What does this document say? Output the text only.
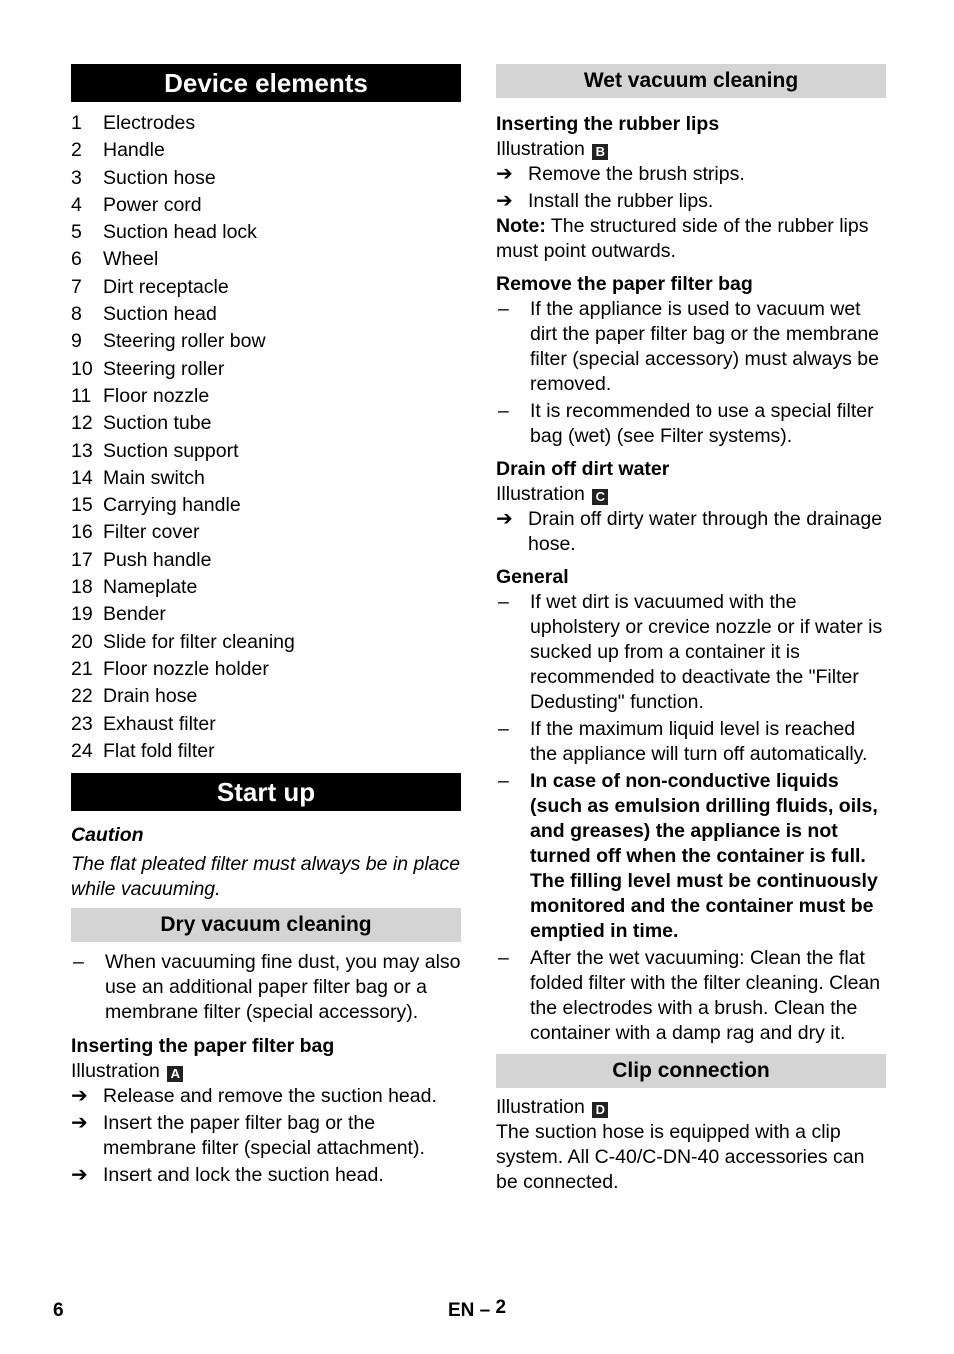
Device elements
1	Electrodes
2	Handle
3	Suction hose
4	Power cord
5	Suction head lock
6	Wheel
7	Dirt receptacle
8	Suction head
9	Steering roller bow
10 Steering roller
11 Floor nozzle
12 Suction tube
13 Suction support
14 Main switch
15 Carrying handle
16 Filter cover
17 Push handle
18 Nameplate
19 Bender
20 Slide for filter cleaning
21 Floor nozzle holder
22 Drain hose
23 Exhaust filter
24 Flat fold filter
Start up
Caution
The flat pleated filter must always be in place while vacuuming.
Dry vacuum cleaning
–	When vacuuming fine dust, you may also use an additional paper filter bag or a membrane filter (special accessory).
Inserting the paper filter bag
Illustration A
➔ Release and remove the suction head.
➔ Insert the paper filter bag or the membrane filter (special attachment).
➔ Insert and lock the suction head.
Wet vacuum cleaning
Inserting the rubber lips
Illustration B
➔ Remove the brush strips.
➔ Install the rubber lips.
Note: The structured side of the rubber lips must point outwards.
Remove the paper filter bag
–	If the appliance is used to vacuum wet dirt the paper filter bag or the membrane filter (special accessory) must always be removed.
–	It is recommended to use a special filter bag (wet) (see Filter systems).
Drain off dirt water
Illustration C
➔ Drain off dirty water through the drainage hose.
General
–	If wet dirt is vacuumed with the upholstery or crevice nozzle or if water is sucked up from a container it is recommended to deactivate the "Filter Dedusting" function.
–	If the maximum liquid level is reached the appliance will turn off automatically.
–	In case of non-conductive liquids (such as emulsion drilling fluids, oils, and greases) the appliance is not turned off when the container is full. The filling level must be continuously monitored and the container must be emptied in time.
–	After the wet vacuuming: Clean the flat folded filter with the filter cleaning. Clean the electrodes with a brush. Clean the container with a damp rag and dry it.
Clip connection
Illustration D
The suction hose is equipped with a clip system. All C-40/C-DN-40 accessories can be connected.
6	EN – 2
